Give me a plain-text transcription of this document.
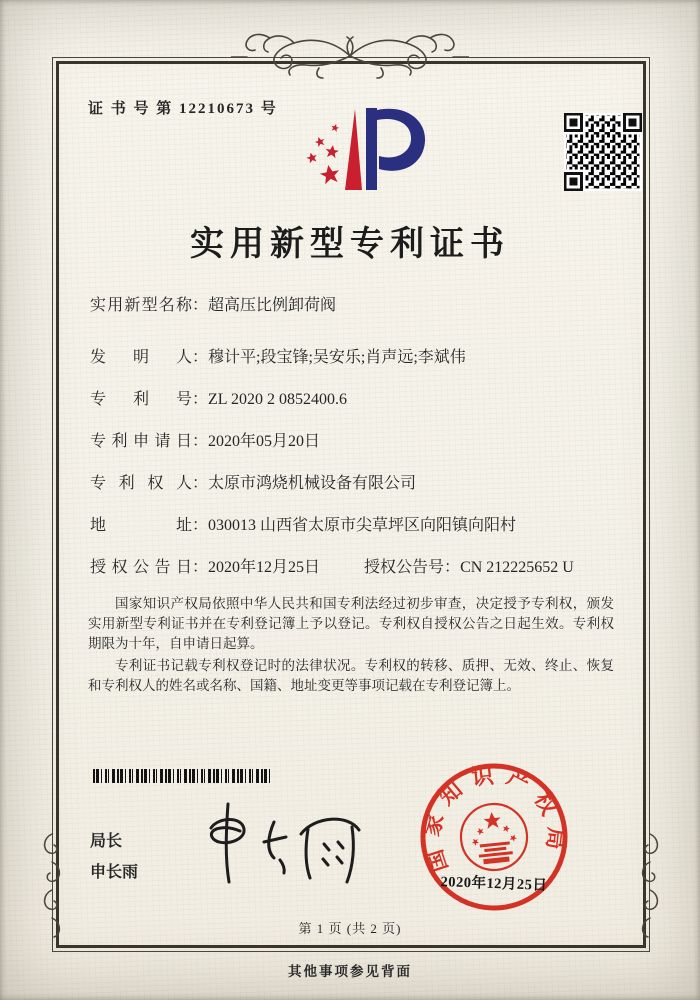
证 书 号 第 12210673 号
实用新型专利证书
实用新型名称：超高压比例卸荷阀
发明人：穆计平;段宝锋;吴安乐;肖声远;李斌伟
专利号：ZL 2020 2 0852400.6
专利申请日：2020年05月20日
专利权人：太原市鸿烧机械设备有限公司
地址：030013 山西省太原市尖草坪区向阳镇向阳村
授权公告日：2020年12月25日	授权公告号：CN 212225652 U

国家知识产权局依照中华人民共和国专利法经过初步审查，决定授予专利权，颁发实用新型专利证书并在专利登记簿上予以登记。专利权自授权公告之日起生效。专利权期限为十年，自申请日起算。

专利证书记载专利权登记时的法律状况。专利权的转移、质押、无效、终止、恢复和专利权人的姓名或名称、国籍、地址变更等事项记载在专利登记簿上。

局长
申长雨	国家知识产权局
2020年12月25日
第 1 页 (共 2 页)
其他事项参见背面
